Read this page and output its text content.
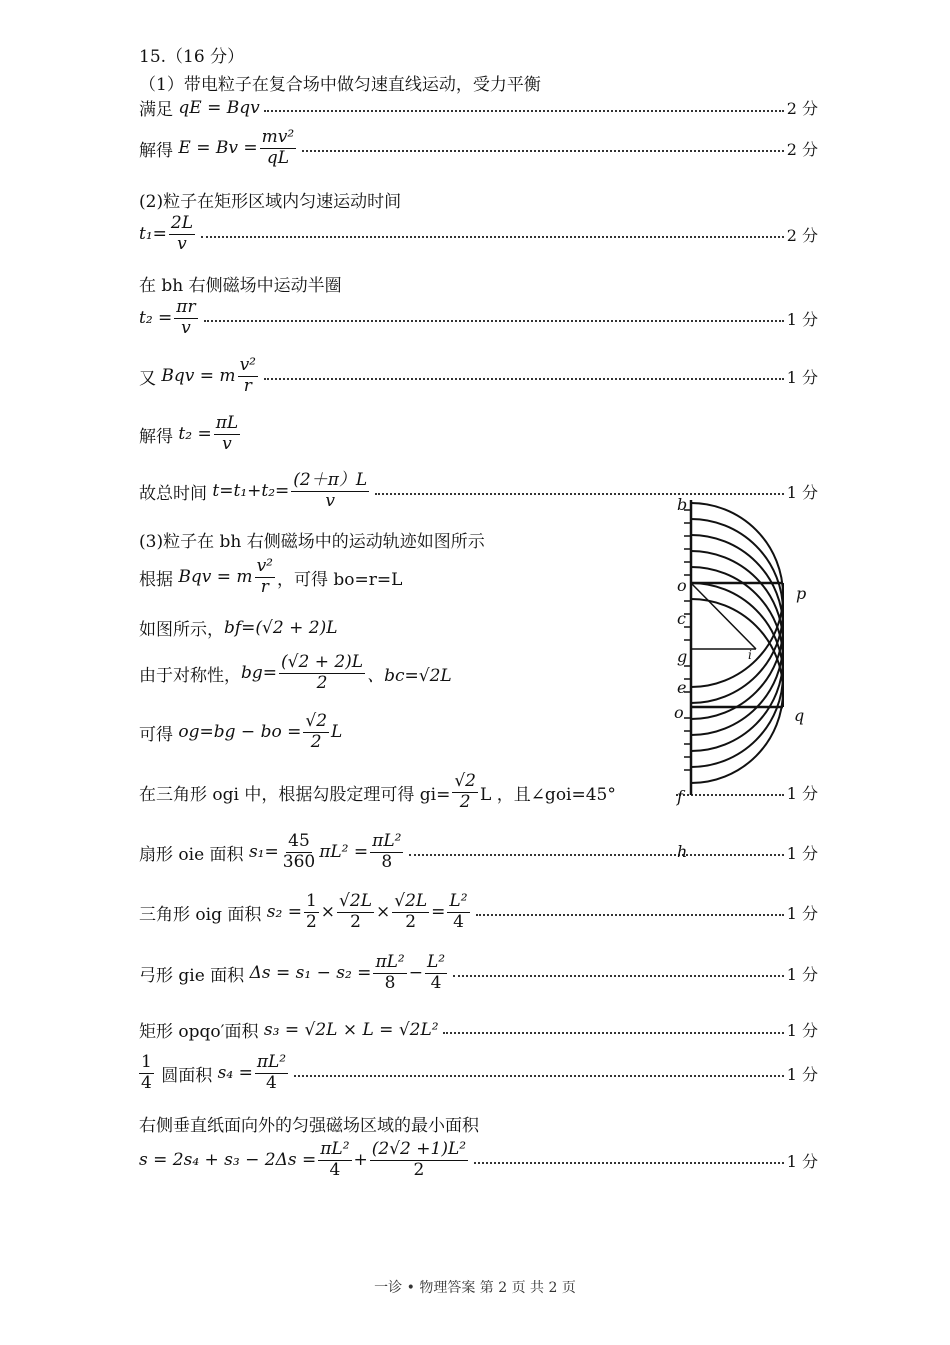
15.（16 分）
（1）带电粒子在复合场中做匀速直线运动，受力平衡
满足
qE = Bqv	2 分
解得
$E = Bv = \frac{\text{mv²}}{qL}$	2 分
(2)粒子在矩形区域内匀速运动时间
$t_1= \frac{2L}{v}$	2 分
在 bh 右侧磁场中运动半圈
$t_2 = \frac{\pi r}{v}$	1 分
又
Bqv = m $\frac{\text{v²}}{r}$	1 分
解得
$t_2 = \frac{\pi L}{v}$
故总时间
$t=t_1+t_2= \frac{(2+\pi)L}{v}$	1 分
(3)粒子在 bh 右侧磁场中的运动轨迹如图所示
根据
Bqv = m $\frac{\text{v²}}{r}$ ，可得 bo=r=L
如图所示， bf=(√2 + 2)L
由于对称性， $bg= \frac{(√2 + 2)L}{2}$ 、bc=√2L
可得
og=bg − bo = $\frac{√2}{2}$ L
在三角形 ogi 中，根据勾股定理可得 $gi= \frac{√2}{2}$ L ，且∠goi=45°	1 分
扇形 oie 面积
$s_1= \frac{45}{360} \pi L^2 = \frac{\text{πL²}}{8}$	1 分
三角形 oig 面积
$s_2 = \frac{1}{2} \times \frac{√2L}{2} \times \frac{√2L}{2} = \frac{\text{L²}}{4}$	1 分
弓形 gie 面积
$\Delta s = s_1 - s_2 = \frac{\text{πL²}}{8} - \frac{\text{L²}}{4}$	1 分
矩形 opqo′面积
s₃ = √2L × L = √2L²	1 分
$\frac{1}{4}$
圆面积
$s_4 = \frac{\text{πL²}}{4}$	1 分
右侧垂直纸面向外的匀强磁场区域的最小面积
$s = 2s_4 + s_3 - 2\Delta s = \frac{\text{πL²}}{4} + \frac{\text{(2√2 +1)L²}}{2}$	1 分
b
o
c
g
e
o
f
h
p
q
i
一诊 • 物理答案 第 2 页 共 2 页
